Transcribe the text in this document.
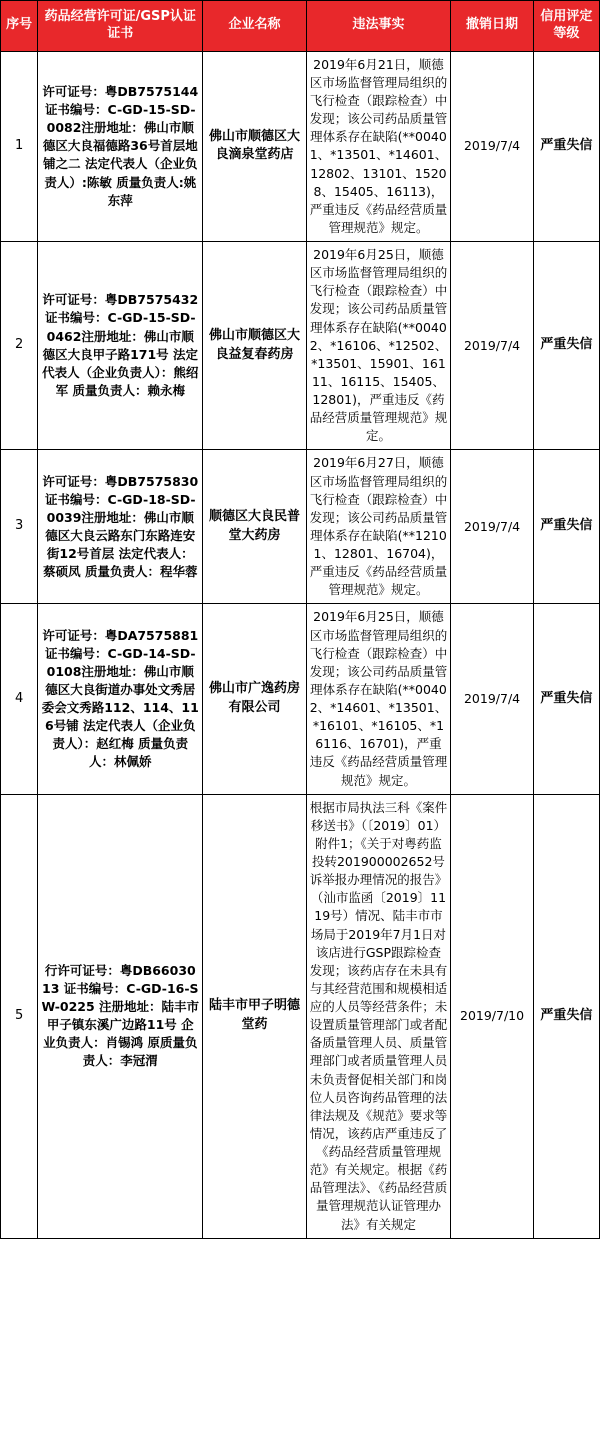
序号	药品经营许可证/GSP认证证书	企业名称	违法事实	撤销日期	信用评定等级
1	许可证号：粤DB7575144 证书编号：C-GD-15-SD-0082注册地址：佛山市顺德区大良福德路36号首层地铺之二 法定代表人（企业负责人）:陈敏 质量负责人:姚东萍	佛山市顺德区大良滴泉堂药店	2019年6月21日，顺德区市场监督管理局组织的飞行检查（跟踪检查）中发现；该公司药品质量管理体系存在缺陷(**00401、*13501、*14601、12802、13101、15208、15405、16113)，严重违反《药品经营质量管理规范》规定。	2019/7/4	严重失信
2	许可证号：粤DB7575432 证书编号：C-GD-15-SD-0462注册地址：佛山市顺德区大良甲子路171号 法定代表人（企业负责人）：熊绍军 质量负责人：赖永梅	佛山市顺德区大良益复春药房	2019年6月25日，顺德区市场监督管理局组织的飞行检查（跟踪检查）中发现；该公司药品质量管理体系存在缺陷(**00402、*16106、*12502、*13501、15901、16111、16115、15405、12801)，严重违反《药品经营质量管理规范》规定。	2019/7/4	严重失信
3	许可证号：粤DB7575830 证书编号：C-GD-18-SD-0039注册地址：佛山市顺德区大良云路东门东路连安街12号首层 法定代表人：蔡硕凤 质量负责人：程华蓉	顺德区大良民普堂大药房	2019年6月27日，顺德区市场监督管理局组织的飞行检查（跟踪检查）中发现；该公司药品质量管理体系存在缺陷(**12101、12801、16704)，严重违反《药品经营质量管理规范》规定。	2019/7/4	严重失信
4	许可证号：粤DA7575881 证书编号：C-GD-14-SD-0108注册地址：佛山市顺德区大良街道办事处文秀居委会文秀路112、114、116号铺 法定代表人（企业负责人）：赵红梅 质量负责人：林佩娇	佛山市广逸药房有限公司	2019年6月25日，顺德区市场监督管理局组织的飞行检查（跟踪检查）中发现；该公司药品质量管理体系存在缺陷(**00402、*14601、*13501、*16101、*16105、*16116、16701)，严重违反《药品经营质量管理规范》规定。	2019/7/4	严重失信
5	行许可证号：粤DB6603013 证书编号：C-GD-16-SW-0225 注册地址：陆丰市甲子镇东溪广边路11号 企业负责人：肖锡鸿 原质量负责人：李冠渭	陆丰市甲子明德堂药	根据市局执法三科《案件移送书》（〔2019〕01）附件1；《关于对粤药监投转201900002652号诉举报办理情况的报告》（汕市监函〔2019〕1119号）情况、陆丰市市场局于2019年7月1日对该店进行GSP跟踪检查发现；该药店存在未具有与其经营范围和规模相适应的人员等经营条件；未设置质量管理部门或者配备质量管理人员、质量管理部门或者质量管理人员未负责督促相关部门和岗位人员咨询药品管理的法律法规及《规范》要求等情况，该药店严重违反了《药品经营质量管理规范》有关规定。根据《药品管理法》、《药品经营质量管理规范认证管理办法》有关规定	2019/7/10	严重失信
